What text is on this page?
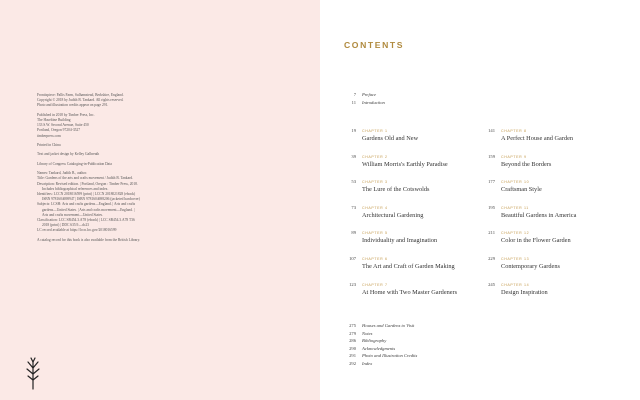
Frontispiece: Pallis Farm, Sulhamstead, Berkshire, England.
Copyright © 2018 by Judith B. Tankard. All rights reserved.
Photo and illustration credits appear on page 291.
Published in 2018 by Timber Press, Inc.
The Haseltine Building
133 S.W. Second Avenue, Suite 450
Portland, Oregon 97204-3527
timberpress.com
Printed in China
Text and jacket design by Kelley Galbreath
Library of Congress Cataloging-in-Publication Data
Names: Tankard, Judith B., author.
Title: Gardens of the arts and crafts movement / Judith B. Tankard.
Description: Revised edition. | Portland, Oregon : Timber Press, 2018.
Includes bibliographical references and index.
Identifiers: LCCN 2018016599 (print) | LCCN 2018021828 (ebook)
ISBN 9781604698947 | ISBN 9781604698206 (jacketed hardcover)
Subjects: LCSH: Arts and crafts gardens—England. | Arts and crafts
gardens—United States. | Arts and crafts movement—England. |
Arts and crafts movement—United States.
Classification: LCC SB454.3.A78 (ebook) | LCC SB454.3.A78 T36
2018 (print) | DDC 635.9—dc23
LC record available at https://lccn.loc.gov/2018016599
A catalog record for this book is also available from the British Library.
CONTENTS
7 Preface
11 Introduction
19 CHAPTER 1
Gardens Old and New
39 CHAPTER 2
William Morris's Earthly Paradise
53 CHAPTER 3
The Lure of the Cotswolds
73 CHAPTER 4
Architectural Gardening
89 CHAPTER 5
Individuality and Imagination
107 CHAPTER 6
The Art and Craft of Garden Making
123 CHAPTER 7
At Home with Two Master Gardeners
141 CHAPTER 8
A Perfect House and Garden
159 CHAPTER 9
Beyond the Borders
177 CHAPTER 10
Craftsman Style
195 CHAPTER 11
Beautiful Gardens in America
211 CHAPTER 12
Color in the Flower Garden
229 CHAPTER 13
Contemporary Gardens
245 CHAPTER 14
Design Inspiration
275 Houses and Gardens to Visit
279 Notes
286 Bibliography
290 Acknowledgments
291 Photo and Illustration Credits
292 Index
